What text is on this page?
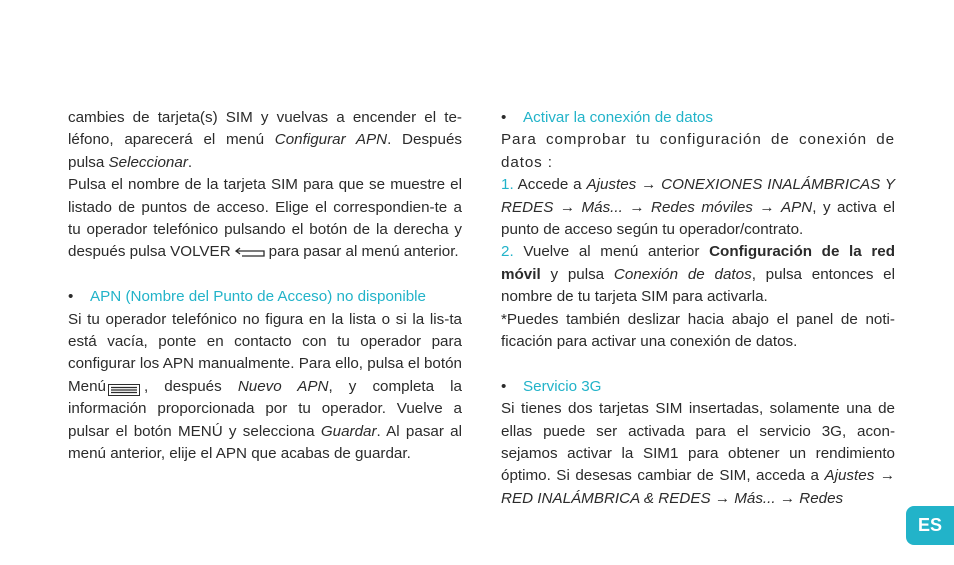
cambies de tarjeta(s) SIM y vuelvas a encender el te-léfono, aparecerá el menú Configurar APN. Después pulsa Seleccionar.

Pulsa el nombre de la tarjeta SIM para que se muestre el listado de puntos de acceso. Elige el correspondien-te a tu operador telefónico pulsando el botón de la derecha y después pulsa VOLVER	para pasar al menú anterior.

• APN (Nombre del Punto de Acceso) no disponible

Si tu operador telefónico no figura en la lista o si la lis-ta está vacía, ponte en contacto con tu operador para configurar los APN manualmente. Para ello, pulsa el botón Menú	, después Nuevo APN, y completa la información proporcionada por tu operador. Vuelve a pulsar el botón MENÚ y selecciona Guardar. Al pasar al menú anterior, elije el APN que acabas de guardar.

• Activar la conexión de datos

Para comprobar tu configuración de conexión de datos :

1. Accede a Ajustes → CONEXIONES INALÁMBRICAS Y REDES → Más... → Redes móviles → APN, y activa el punto de acceso según tu operador/contrato.

2. Vuelve al menú anterior Configuración de la red móvil y pulsa Conexión de datos, pulsa entonces el nombre de tu tarjeta SIM para activarla.

*Puedes también deslizar hacia abajo el panel de noti-ficación para activar una conexión de datos.

• Servicio 3G

Si tienes dos tarjetas SIM insertadas, solamente una de ellas puede ser activada para el servicio 3G, acon-sejamos activar la SIM1 para obtener un rendimiento óptimo. Si desesas cambiar de SIM, acceda a Ajustes → RED INALÁMBRICA & REDES → Más... → Redes

ES
